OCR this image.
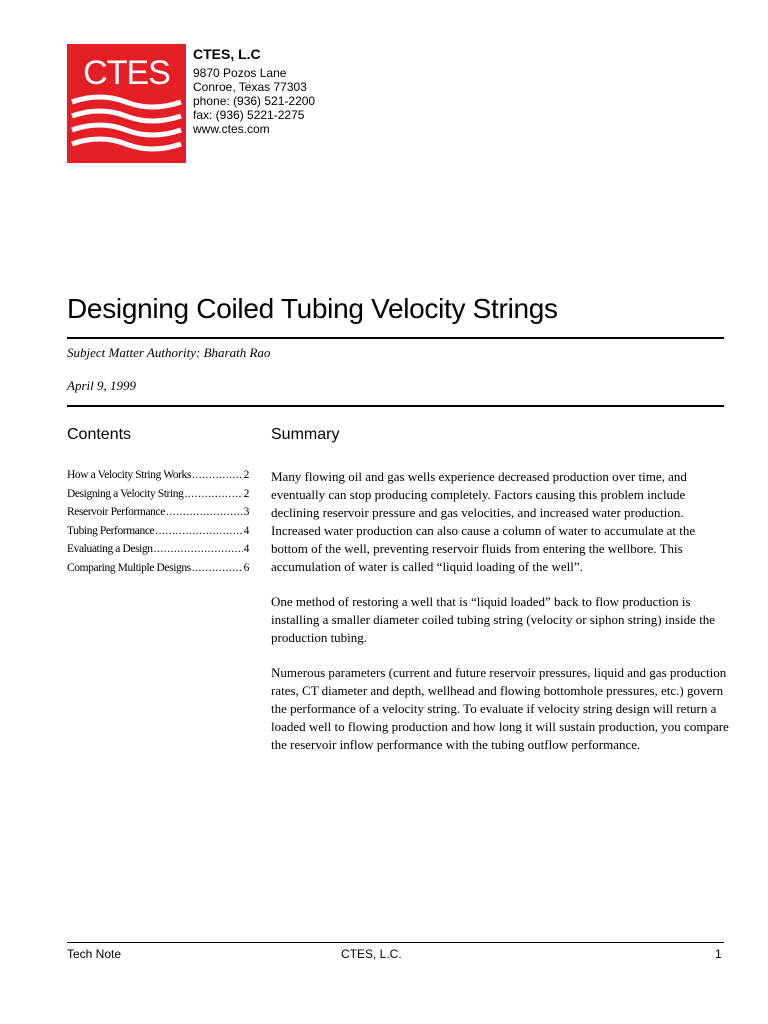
CTES CTES, L.C
9870 Pozos Lane
Conroe, Texas 77303
phone: (936) 521-2200
fax: (936) 5221-2275
www.ctes.com
Designing Coiled Tubing Velocity Strings
Subject Matter Authority: Bharath Rao
April 9, 1999
Contents	Summary
How a Velocity String Works .....	2
Designing a Velocity String .....	2
Reservoir Performance .....	3
Tubing Performance .....	4
Evaluating a Design .....	4
Comparing Multiple Designs .....	6

Many flowing oil and gas wells experience decreased production over time, and eventually can stop producing completely. Factors causing this problem include declining reservoir pressure and gas velocities, and increased water production. Increased water production can also cause a column of water to accumulate at the bottom of the well, preventing reservoir fluids from entering the wellbore. This accumulation of water is called “liquid loading of the well”.

One method of restoring a well that is “liquid loaded” back to flow production is installing a smaller diameter coiled tubing string (velocity or siphon string) inside the production tubing.

Numerous parameters (current and future reservoir pressures, liquid and gas production rates, CT diameter and depth, wellhead and flowing bottomhole pressures, etc.) govern the performance of a velocity string. To evaluate if velocity string design will return a loaded well to flowing production and how long it will sustain production, you compare the reservoir inflow performance with the tubing outflow performance.

Tech Note	CTES, L.C.	1
